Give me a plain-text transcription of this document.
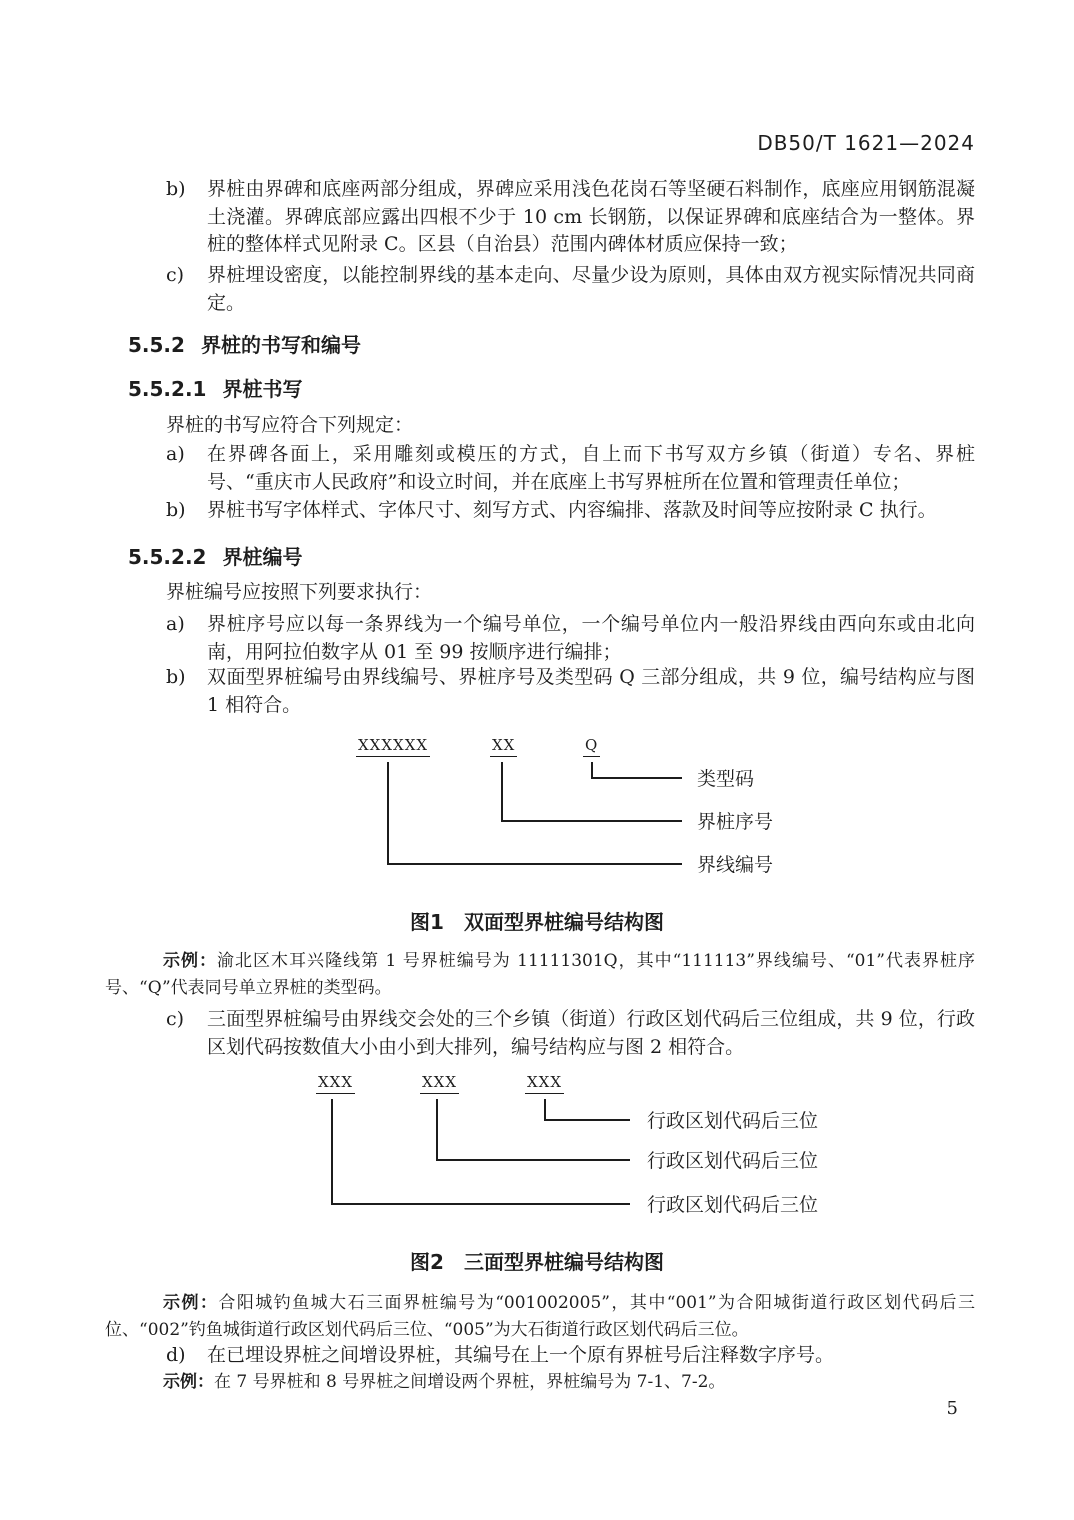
DB50/T 1621—2024
b) 界桩由界碑和底座两部分组成，界碑应采用浅色花岗石等坚硬石料制作，底座应用钢筋混凝土浇灌。界碑底部应露出四根不少于 10 cm 长钢筋，以保证界碑和底座结合为一整体。界桩的整体样式见附录 C。区县（自治县）范围内碑体材质应保持一致；
c) 界桩埋设密度，以能控制界线的基本走向、尽量少设为原则，具体由双方视实际情况共同商定。
5.5.2 界桩的书写和编号
5.5.2.1 界桩书写
界桩的书写应符合下列规定：
a) 在界碑各面上，采用雕刻或模压的方式，自上而下书写双方乡镇（街道）专名、界桩号、“重庆市人民政府”和设立时间，并在底座上书写界桩所在位置和管理责任单位；
b) 界桩书写字体样式、字体尺寸、刻写方式、内容编排、落款及时间等应按附录 C 执行。
5.5.2.2 界桩编号
界桩编号应按照下列要求执行：
a) 界桩序号应以每一条界线为一个编号单位，一个编号单位内一般沿界线由西向东或由北向南，用阿拉伯数字从 01 至 99 按顺序进行编排；
b) 双面型界桩编号由界线编号、界桩序号及类型码 Q 三部分组成，共 9 位，编号结构应与图 1 相符合。
XXXXXX	XX	Q
类型码
界桩序号
界线编号
图1　双面型界桩编号结构图
示例：渝北区木耳兴隆线第 1 号界桩编号为 11111301Q，其中“111113”界线编号、“01”代表界桩序号、“Q”代表同号单立界桩的类型码。
c) 三面型界桩编号由界线交会处的三个乡镇（街道）行政区划代码后三位组成，共 9 位，行政区划代码按数值大小由小到大排列，编号结构应与图 2 相符合。
XXX	XXX	XXX
行政区划代码后三位
行政区划代码后三位
行政区划代码后三位
图2　三面型界桩编号结构图
示例：合阳城钓鱼城大石三面界桩编号为“001002005”，其中“001”为合阳城街道行政区划代码后三位、“002”钓鱼城街道行政区划代码后三位、“005”为大石街道行政区划代码后三位。
d) 在已埋设界桩之间增设界桩，其编号在上一个原有界桩号后注释数字序号。
示例：在 7 号界桩和 8 号界桩之间增设两个界桩，界桩编号为 7-1、7-2。
5
